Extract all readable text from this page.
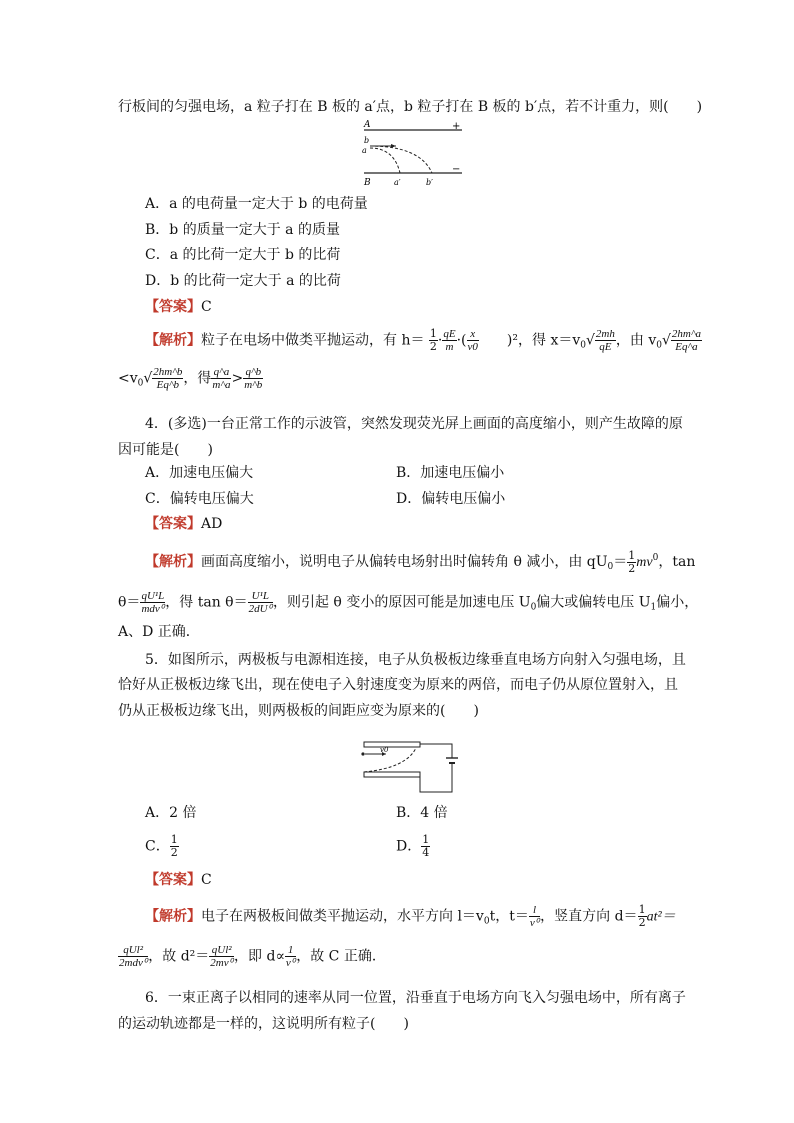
行板间的匀强电场，a 粒子打在 B 板的 a′点，b 粒子打在 B 板的 b′点，若不计重力，则(　　)
A	+
B
−
b
a
a′	b′
A．a 的电荷量一定大于 b 的电荷量
B．b 的质量一定大于 a 的质量
C．a 的比荷一定大于 b 的比荷
D．b 的比荷一定大于 a 的比荷
【答案】C
【解析】粒子在电场中做类平抛运动，有 $h= \frac{1}{2} \cdot \frac{qE}{m}$ ·( $\frac{x}{v0}$ 　　)²，得 $x=v_0√ \frac{2mh}{qE}$ ，由 $v_0√ \frac{2hm\^{}a}{Eq\^{}a}$
$<v_0√ \frac{2hm\^{}b}{Eq\^{}b}$ ，得 $\frac{q\^{}a}{m\^{}a} > \frac{q\^{}b}{m\^{}b}$
4．(多选)一台正常工作的示波管，突然发现荧光屏上画面的高度缩小，则产生故障的原
因可能是(　　)
A．加速电压偏大	B．加速电压偏小
C．偏转电压偏大	D．偏转电压偏小
【答案】AD
【解析】画面高度缩小，说明电子从偏转电场射出时偏转角 θ 减小，由 $qU_0= \frac{1}{2} mv^0$，tan
$\theta= \frac{\text{qU¹L}}{\text{mdv⁰}}$ ，得 $\tan \theta= \frac{\text{U¹L}}{\text{2dU⁰}}$ ，则引起 θ 变小的原因可能是加速电压 $U_0$偏大或偏转电压 $U_1$偏小，
A、D 正确．
5．如图所示，两极板与电源相连接，电子从负极板边缘垂直电场方向射入匀强电场，且
恰好从正极板边缘飞出，现在使电子入射速度变为原来的两倍，而电子仍从原位置射入，且
仍从正极板边缘飞出，则两极板的间距应变为原来的(　　)
v0
A．2 倍	B．4 倍
C． $\frac{1}{2}$	D． $\frac{1}{4}$
【答案】C
【解析】电子在两极板间做类平抛运动，水平方向 $l=v_0t$，$t= \frac{l}{\text{v⁰}}$ ，竖直方向 $d= \frac{1}{2} at^2=$
$\frac{\text{qUl²}}{\text{2mdv⁰}}$ ，故 $d^2= \frac{\text{qUl²}}{\text{2mv⁰}}$ ，即 $d\propto \frac{1}{\text{v⁰}}$ ，故 C 正确．
6．一束正离子以相同的速率从同一位置，沿垂直于电场方向飞入匀强电场中，所有离子
的运动轨迹都是一样的，这说明所有粒子(　　)
